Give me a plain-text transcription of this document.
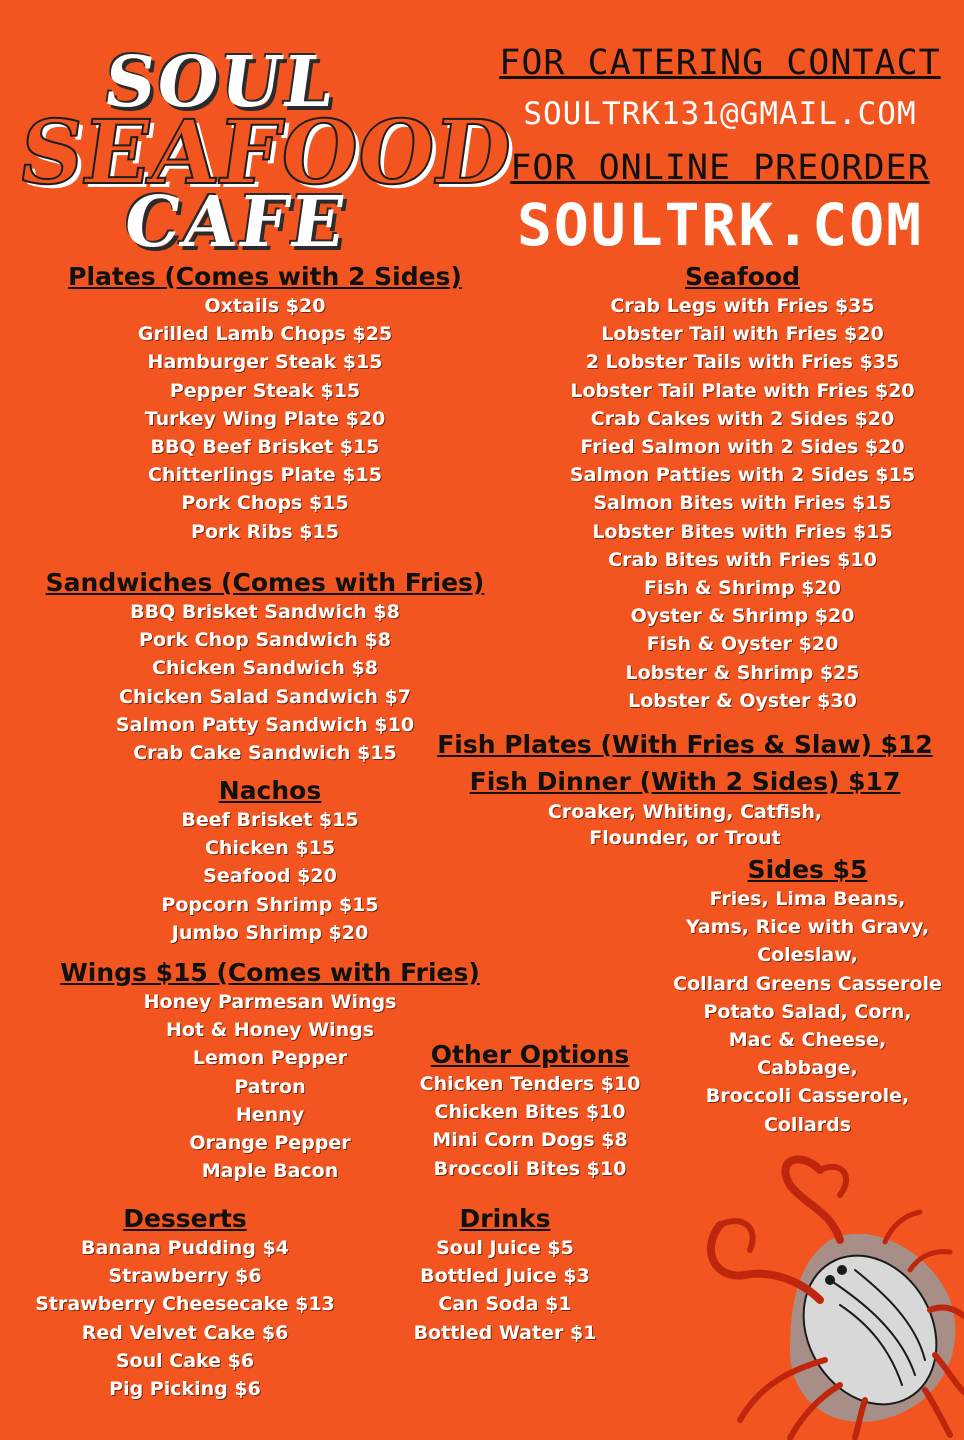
SOUL
SEAFOOD
CAFE
FOR CATERING CONTACT
SOULTRK131@GMAIL.COM
FOR ONLINE PREORDER
SOULTRK.COM
Plates (Comes with 2 Sides)
Oxtails $20
Grilled Lamb Chops $25
Hamburger Steak $15
Pepper Steak $15
Turkey Wing Plate $20
BBQ Beef Brisket $15
Chitterlings Plate $15
Pork Chops $15
Pork Ribs $15
Sandwiches (Comes with Fries)
BBQ Brisket Sandwich $8
Pork Chop Sandwich $8
Chicken Sandwich $8
Chicken Salad Sandwich $7
Salmon Patty Sandwich $10
Crab Cake Sandwich $15
Nachos
Beef Brisket $15
Chicken $15
Seafood $20
Popcorn Shrimp $15
Jumbo Shrimp $20
Wings $15 (Comes with Fries)
Honey Parmesan Wings
Hot & Honey Wings
Lemon Pepper
Patron
Henny
Orange Pepper
Maple Bacon
Desserts
Banana Pudding $4
Strawberry $6
Strawberry Cheesecake $13
Red Velvet Cake $6
Soul Cake $6
Pig Picking $6
Seafood
Crab Legs with Fries $35
Lobster Tail with Fries $20
2 Lobster Tails with Fries $35
Lobster Tail Plate with Fries $20
Crab Cakes with 2 Sides $20
Fried Salmon with 2 Sides $20
Salmon Patties with 2 Sides $15
Salmon Bites with Fries $15
Lobster Bites with Fries $15
Crab Bites with Fries $10
Fish & Shrimp $20
Oyster & Shrimp $20
Fish & Oyster $20
Lobster & Shrimp $25
Lobster & Oyster $30
Fish Plates (With Fries & Slaw) $12
Fish Dinner (With 2 Sides) $17
Croaker, Whiting, Catfish,
Flounder, or Trout
Sides $5
Fries, Lima Beans,
Yams, Rice with Gravy,
Coleslaw,
Collard Greens Casserole
Potato Salad, Corn,
Mac & Cheese,
Cabbage,
Broccoli Casserole,
Collards
Other Options
Chicken Tenders $10
Chicken Bites $10
Mini Corn Dogs $8
Broccoli Bites $10
Drinks
Soul Juice $5
Bottled Juice $3
Can Soda $1
Bottled Water $1
